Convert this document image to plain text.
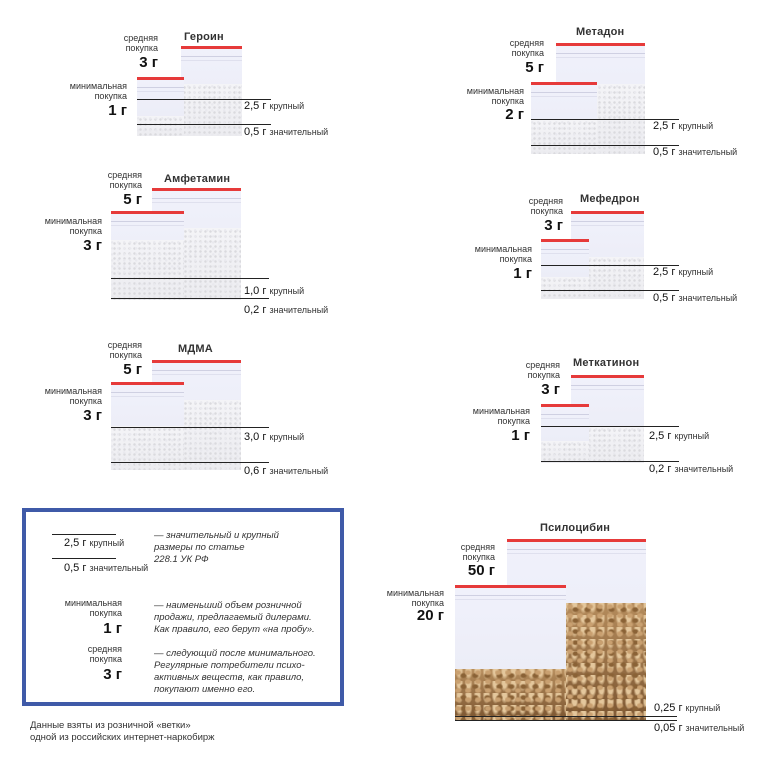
средняя
покупка
3 г
Героин
минимальная
покупка
1 г	2,5 г крупный
0,5 г значительный
средняя
покупка
5 г
Метадон
минимальная
покупка
2 г
2,5 г крупный
0,5 г значительный
средняя
покупка
5 г
Амфетамин
минимальная
покупка
3 г
1,0 г крупный
0,2 г значительный
средняя
покупка
3 г
Мефедрон
минимальная
покупка
1 г	2,5 г крупный
0,5 г значительный
средняя
покупка
5 г
МДМА
минимальная
покупка
3 г
3,0 г крупный
0,6 г значительный
средняя
покупка
3 г
Меткатинон
минимальная
покупка
1 г	2,5 г крупный
0,2 г значительный
Псилоцибин
средняя
покупка
50 г
минимальная
покупка
20 г
0,25 г крупный
0,05 г значительный
2,5 г крупный
0,5 г значительный
— значительный и крупный
размеры по статье
228.1 УК РФ
минимальная
покупка
1 г
— наименьший объем розничной
продажи, предлагаемый дилерами.
Как правило, его берут «на пробу».
средняя
покупка
3 г
— следующий после минимального.
Регулярные потребители психо-
активных веществ, как правило,
покупают именно его.
Данные взяты из розничной «ветки»
одной из российских интернет-наркобирж
